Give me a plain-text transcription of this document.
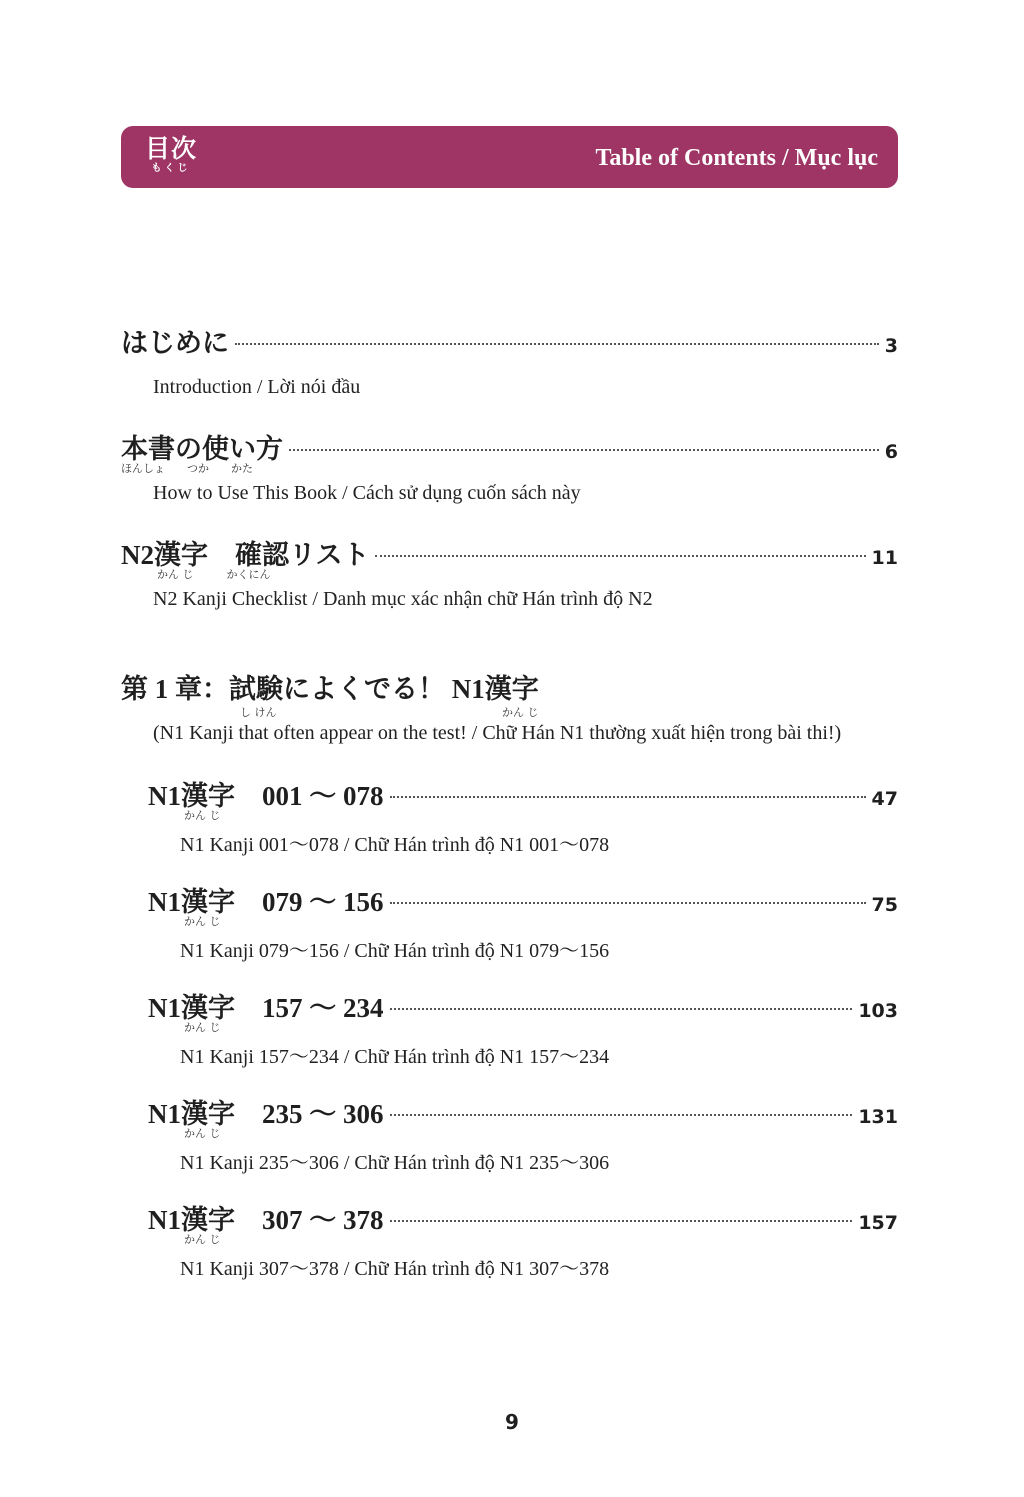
目次
もくじ	Table of Contents / Mục lục
はじめに	3
Introduction / Lời nói đầu
本書の使い方	6
ほんしょ　　つか　　かた
How to Use This Book / Cách sử dụng cuốn sách này
N2漢字　確認リスト	11
かん じ　　　かくにん
N2 Kanji Checklist / Danh mục xác nhận chữ Hán trình độ N2
第 1 章：試験によくでる！ N1漢字
し けん	かん じ
(N1 Kanji that often appear on the test! / Chữ Hán N1 thường xuất hiện trong bài thi!)
N1漢字　001 ～ 078	47
かん じ
N1 Kanji 001～078 / Chữ Hán trình độ N1 001～078
N1漢字　079 ～ 156	75
かん じ
N1 Kanji 079～156 / Chữ Hán trình độ N1 079～156
N1漢字　157 ～ 234	103
かん じ
N1 Kanji 157～234 / Chữ Hán trình độ N1 157～234
N1漢字　235 ～ 306	131
かん じ
N1 Kanji 235～306 / Chữ Hán trình độ N1 235～306
N1漢字　307 ～ 378	157
かん じ
N1 Kanji 307～378 / Chữ Hán trình độ N1 307～378
9
